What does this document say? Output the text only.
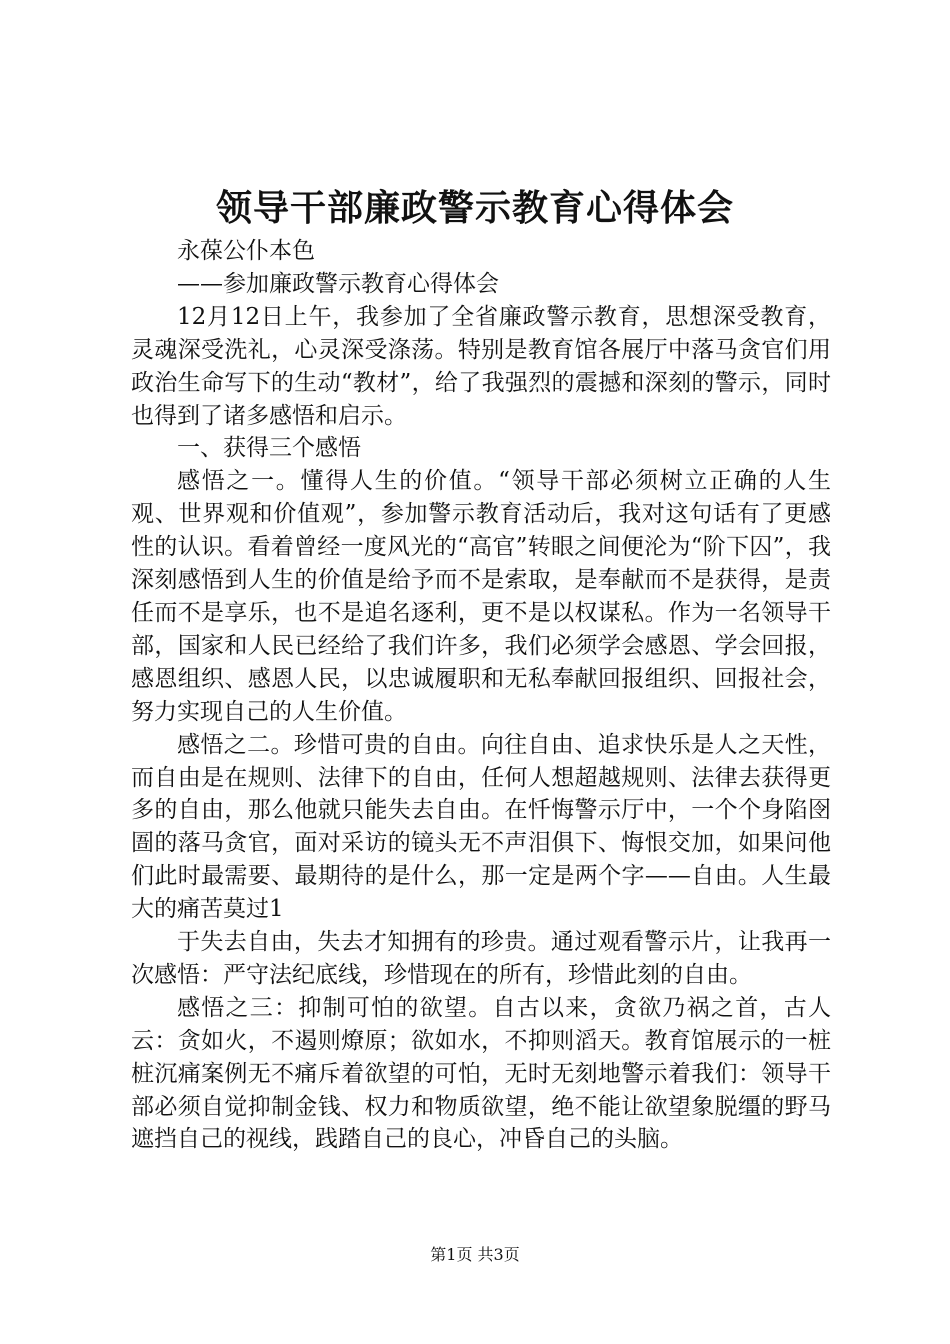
领导干部廉政警示教育心得体会

永葆公仆本色

——参加廉政警示教育心得体会

12月12日上午，我参加了全省廉政警示教育，思想深受教育，灵魂深受洗礼，心灵深受涤荡。特别是教育馆各展厅中落马贪官们用政治生命写下的生动“教材”，给了我强烈的震撼和深刻的警示，同时也得到了诸多感悟和启示。

一、获得三个感悟

感悟之一。懂得人生的价值。“领导干部必须树立正确的人生观、世界观和价值观”，参加警示教育活动后，我对这句话有了更感性的认识。看着曾经一度风光的“高官”转眼之间便沦为“阶下囚”，我深刻感悟到人生的价值是给予而不是索取，是奉献而不是获得，是责任而不是享乐，也不是追名逐利，更不是以权谋私。作为一名领导干部，国家和人民已经给了我们许多，我们必须学会感恩、学会回报，感恩组织、感恩人民，以忠诚履职和无私奉献回报组织、回报社会，努力实现自己的人生价值。

感悟之二。珍惜可贵的自由。向往自由、追求快乐是人之天性，而自由是在规则、法律下的自由，任何人想超越规则、法律去获得更多的自由，那么他就只能失去自由。在忏悔警示厅中，一个个身陷囹圄的落马贪官，面对采访的镜头无不声泪俱下、悔恨交加，如果问他们此时最需要、最期待的是什么，那一定是两个字——自由。人生最大的痛苦莫过1

于失去自由，失去才知拥有的珍贵。通过观看警示片，让我再一次感悟：严守法纪底线，珍惜现在的所有，珍惜此刻的自由。

感悟之三：抑制可怕的欲望。自古以来，贪欲乃祸之首，古人云：贪如火，不遏则燎原；欲如水，不抑则滔天。教育馆展示的一桩桩沉痛案例无不痛斥着欲望的可怕，无时无刻地警示着我们：领导干部必须自觉抑制金钱、权力和物质欲望，绝不能让欲望象脱缰的野马遮挡自己的视线，践踏自己的良心，冲昏自己的头脑。

第1页 共3页
